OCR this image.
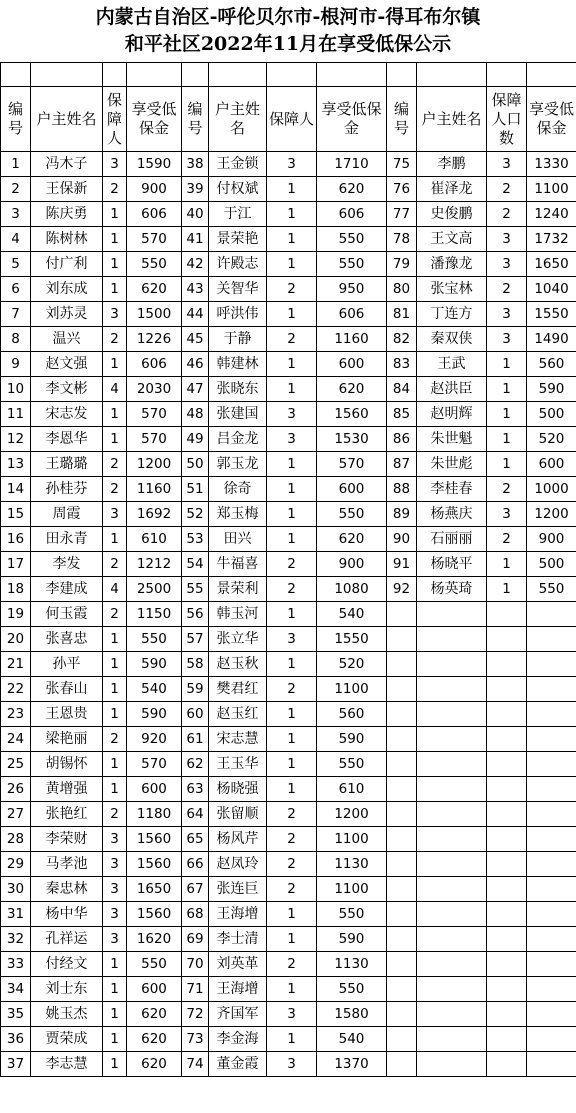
内蒙古自治区-呼伦贝尔市-根河市-得耳布尔镇
和平社区2022年11月在享受低保公示

编号	户主姓名	保障人	享受低保金	编号	户主姓名	保障人	享受低保金	编号	户主姓名	保障人口数	享受低保金
1	冯木子	3	1590	38	王金锁	3	1710	75	李鹏	3	1330
2	王保新	2	900	39	付权斌	1	620	76	崔泽龙	2	1100
3	陈庆勇	1	606	40	于江	1	606	77	史俊鹏	2	1240
4	陈树林	1	570	41	景荣艳	1	550	78	王文高	3	1732
5	付广利	1	550	42	许殿志	1	550	79	潘豫龙	3	1650
6	刘东成	1	620	43	关智华	2	950	80	张宝林	2	1040
7	刘苏灵	3	1500	44	呼洪伟	1	606	81	丁连方	3	1550
8	温兴	2	1226	45	于静	2	1160	82	秦双侠	3	1490
9	赵文强	1	606	46	韩建林	1	600	83	王武	1	560
10	李文彬	4	2030	47	张晓东	1	620	84	赵洪臣	1	590
11	宋志发	1	570	48	张建国	3	1560	85	赵明辉	1	500
12	李恩华	1	570	49	吕金龙	3	1530	86	朱世魁	1	520
13	王璐璐	2	1200	50	郭玉龙	1	570	87	朱世彪	1	600
14	孙桂芬	2	1160	51	徐奇	1	600	88	李桂春	2	1000
15	周霞	3	1692	52	郑玉梅	1	550	89	杨燕庆	3	1200
16	田永青	1	610	53	田兴	1	620	90	石丽丽	2	900
17	李发	2	1212	54	牛福喜	2	900	91	杨晓平	1	500
18	李建成	4	2500	55	景荣利	2	1080	92	杨英琦	1	550
19	何玉霞	2	1150	56	韩玉河	1	540				
20	张喜忠	1	550	57	张立华	3	1550				
21	孙平	1	590	58	赵玉秋	1	520				
22	张春山	1	540	59	樊君红	2	1100				
23	王恩贵	1	590	60	赵玉红	1	560				
24	梁艳丽	2	920	61	宋志慧	1	590				
25	胡锡怀	1	570	62	王玉华	1	550				
26	黄增强	1	600	63	杨晓强	1	610				
27	张艳红	2	1180	64	张留顺	2	1200				
28	李荣财	3	1560	65	杨风芹	2	1100				
29	马孝池	3	1560	66	赵凤玲	2	1130				
30	秦忠林	3	1650	67	张连巨	2	1100				
31	杨中华	3	1560	68	王海增	1	550				
32	孔祥运	3	1620	69	李士清	1	590				
33	付经文	1	550	70	刘英革	2	1130				
34	刘士东	1	600	71	王海增	1	550				
35	姚玉杰	1	620	72	齐国军	3	1580				
36	贾荣成	1	620	73	李金海	1	540				
37	李志慧	1	620	74	董金霞	3	1370				
